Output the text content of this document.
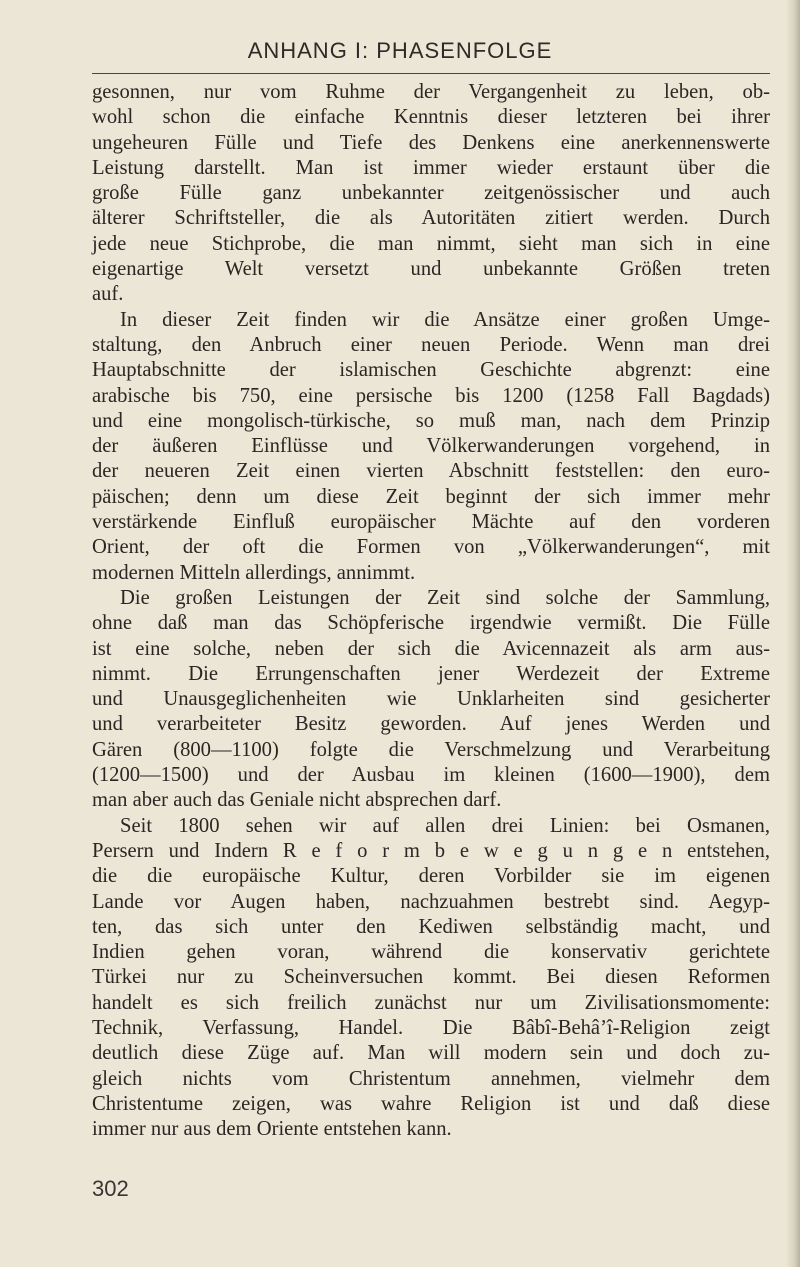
ANHANG I: PHASENFOLGE
gesonnen, nur vom Ruhme der Vergangenheit zu leben, ob-
wohl schon die einfache Kenntnis dieser letzteren bei ihrer
ungeheuren Fülle und Tiefe des Denkens eine anerkennenswerte
Leistung darstellt. Man ist immer wieder erstaunt über die
große Fülle ganz unbekannter zeitgenössischer und auch
älterer Schriftsteller, die als Autoritäten zitiert werden. Durch
jede neue Stichprobe, die man nimmt, sieht man sich in eine
eigenartige Welt versetzt und unbekannte Größen treten
auf.
In dieser Zeit finden wir die Ansätze einer großen Umge-
staltung, den Anbruch einer neuen Periode. Wenn man drei
Hauptabschnitte der islamischen Geschichte abgrenzt: eine
arabische bis 750, eine persische bis 1200 (1258 Fall Bagdads)
und eine mongolisch-türkische, so muß man, nach dem Prinzip
der äußeren Einflüsse und Völkerwanderungen vorgehend, in
der neueren Zeit einen vierten Abschnitt feststellen: den euro-
päischen; denn um diese Zeit beginnt der sich immer mehr
verstärkende Einfluß europäischer Mächte auf den vorderen
Orient, der oft die Formen von „Völkerwanderungen“, mit
modernen Mitteln allerdings, annimmt.
Die großen Leistungen der Zeit sind solche der Sammlung,
ohne daß man das Schöpferische irgendwie vermißt. Die Fülle
ist eine solche, neben der sich die Avicennazeit als arm aus-
nimmt. Die Errungenschaften jener Werdezeit der Extreme
und Unausgeglichenheiten wie Unklarheiten sind gesicherter
und verarbeiteter Besitz geworden. Auf jenes Werden und
Gären (800—1100) folgte die Verschmelzung und Verarbeitung
(1200—1500) und der Ausbau im kleinen (1600—1900), dem
man aber auch das Geniale nicht absprechen darf.
Seit 1800 sehen wir auf allen drei Linien: bei Osmanen,
Persern und Indern R e f o r m b e w e g u n g e n entstehen,
die die europäische Kultur, deren Vorbilder sie im eigenen
Lande vor Augen haben, nachzuahmen bestrebt sind. Aegyp-
ten, das sich unter den Kediwen selbständig macht, und
Indien gehen voran, während die konservativ gerichtete
Türkei nur zu Scheinversuchen kommt. Bei diesen Reformen
handelt es sich freilich zunächst nur um Zivilisationsmomente:
Technik, Verfassung, Handel. Die Bâbî-Behâ’î-Religion zeigt
deutlich diese Züge auf. Man will modern sein und doch zu-
gleich nichts vom Christentum annehmen, vielmehr dem
Christentume zeigen, was wahre Religion ist und daß diese
immer nur aus dem Oriente entstehen kann.
302
